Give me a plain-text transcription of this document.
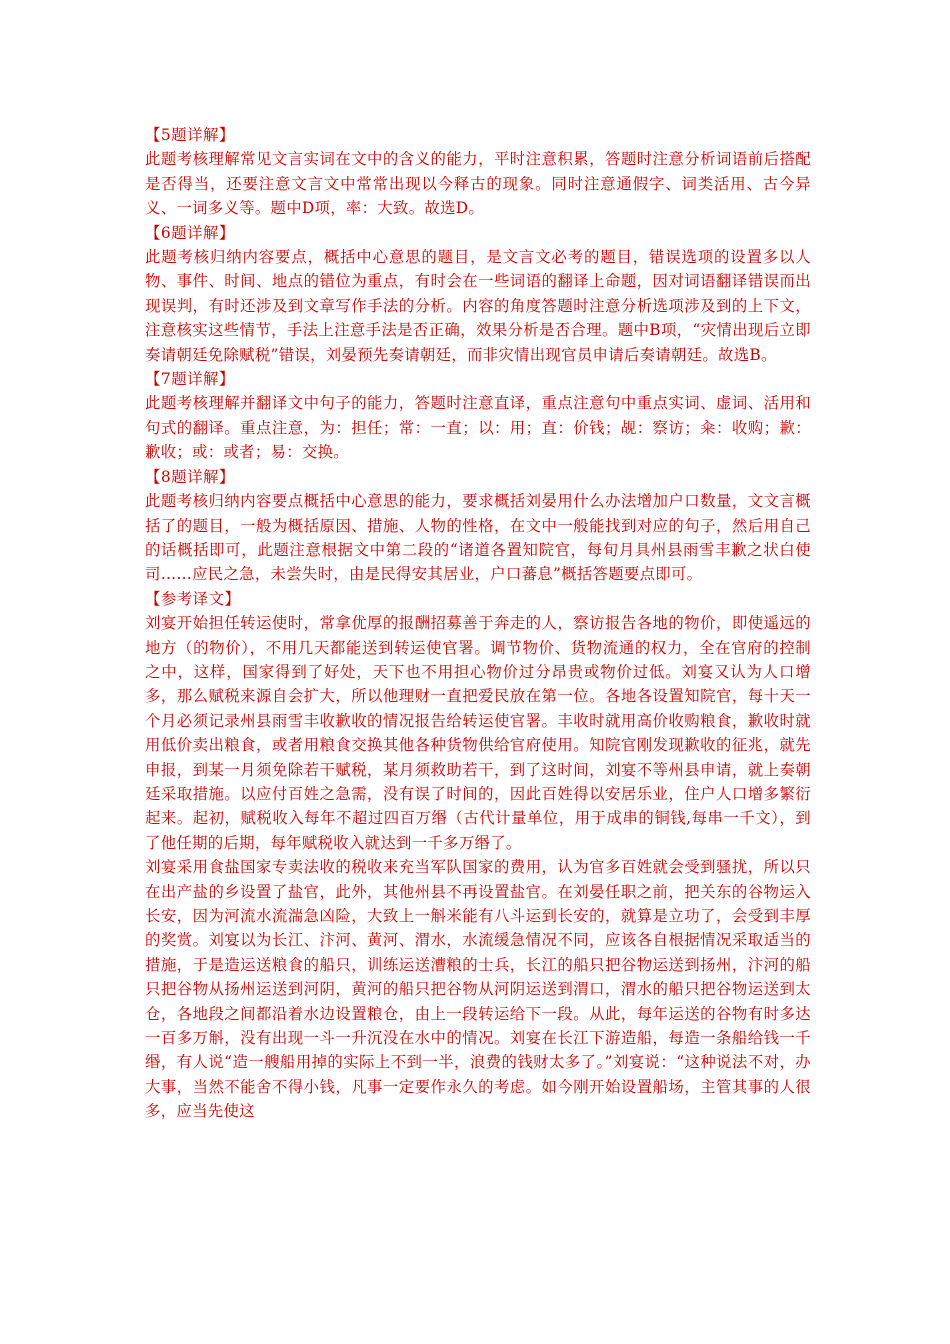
【5题详解】

此题考核理解常见文言实词在文中的含义的能力，平时注意积累，答题时注意分析词语前后搭配是否得当，还要注意文言文中常常出现以今释古的现象。同时注意通假字、词类活用、古今异义、一词多义等。题中D项，率：大致。故选D。

【6题详解】

此题考核归纳内容要点，概括中心意思的题目，是文言文必考的题目，错误选项的设置多以人物、事件、时间、地点的错位为重点，有时会在一些词语的翻译上命题，因对词语翻译错误而出现误判，有时还涉及到文章写作手法的分析。内容的角度答题时注意分析选项涉及到的上下文，注意核实这些情节，手法上注意手法是否正确，效果分析是否合理。题中B项，“灾情出现后立即奏请朝廷免除赋税”错误，刘晏预先奏请朝廷，而非灾情出现官员申请后奏请朝廷。故选B。

【7题详解】

此题考核理解并翻译文中句子的能力，答题时注意直译，重点注意句中重点实词、虚词、活用和句式的翻译。重点注意，为：担任；常：一直；以：用；直：价钱；觇：察访；籴：收购；歉：歉收；或：或者；易：交换。

【8题详解】

此题考核归纳内容要点概括中心意思的能力，要求概括刘晏用什么办法增加户口数量，文文言概括了的题目，一般为概括原因、措施、人物的性格，在文中一般能找到对应的句子，然后用自己的话概括即可，此题注意根据文中第二段的“诸道各置知院官，每旬月具州县雨雪丰歉之状白使司……应民之急，未尝失时，由是民得安其居业，户口蕃息”概括答题要点即可。

【参考译文】

刘宴开始担任转运使时，常拿优厚的报酬招募善于奔走的人，察访报告各地的物价，即使遥远的地方（的物价），不用几天都能送到转运使官署。调节物价、货物流通的权力，全在官府的控制之中，这样，国家得到了好处，天下也不用担心物价过分昂贵或物价过低。刘宴又认为人口增多，那么赋税来源自会扩大，所以他理财一直把爱民放在第一位。各地各设置知院官，每十天一个月必须记录州县雨雪丰收歉收的情况报告给转运使官署。丰收时就用高价收购粮食，歉收时就用低价卖出粮食，或者用粮食交换其他各种货物供给官府使用。知院官刚发现歉收的征兆，就先申报，到某一月须免除若干赋税，某月须救助若干，到了这时间，刘宴不等州县申请，就上奏朝廷采取措施。以应付百姓之急需，没有误了时间的，因此百姓得以安居乐业，住户人口增多繁衍起来。起初，赋税收入每年不超过四百万缗（古代计量单位，用于成串的铜钱,每串一千文），到了他任期的后期，每年赋税收入就达到一千多万缗了。

刘宴采用食盐国家专卖法收的税收来充当军队国家的费用，认为官多百姓就会受到骚扰，所以只在出产盐的乡设置了盐官，此外，其他州县不再设置盐官。在刘晏任职之前，把关东的谷物运入长安，因为河流水流湍急凶险，大致上一斛米能有八斗运到长安的，就算是立功了，会受到丰厚的奖赏。刘宴以为长江、汴河、黄河、渭水，水流缓急情况不同，应该各自根据情况采取适当的措施，于是造运送粮食的船只，训练运送漕粮的士兵，长江的船只把谷物运送到扬州，汴河的船只把谷物从扬州运送到河阴，黄河的船只把谷物从河阴运送到渭口，渭水的船只把谷物运送到太仓，各地段之间都沿着水边设置粮仓，由上一段转运给下一段。从此，每年运送的谷物有时多达一百多万斛，没有出现一斗一升沉没在水中的情况。刘宴在长江下游造船，每造一条船给钱一千缗，有人说“造一艘船用掉的实际上不到一半，浪费的钱财太多了。”刘宴说：“这种说法不对，办大事，当然不能舍不得小钱，凡事一定要作永久的考虑。如今刚开始设置船场，主管其事的人很多，应当先使这
